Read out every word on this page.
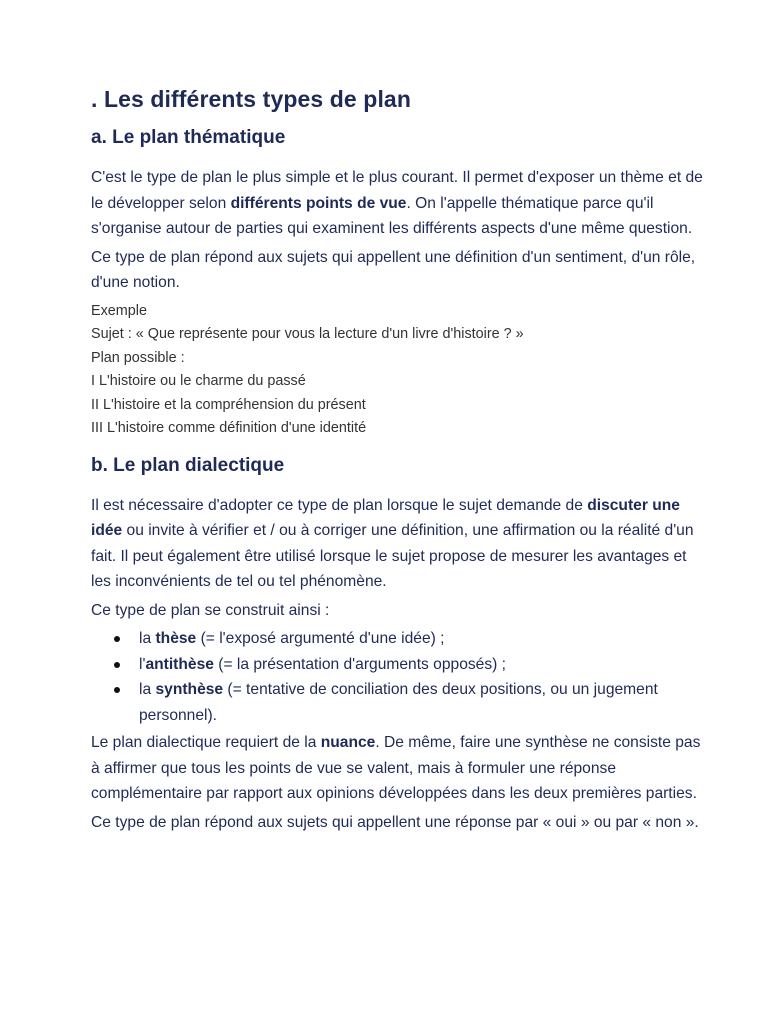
. Les différents types de plan
a. Le plan thématique
C'est le type de plan le plus simple et le plus courant. Il permet d'exposer un thème et de le développer selon différents points de vue. On l'appelle thématique parce qu'il s'organise autour de parties qui examinent les différents aspects d'une même question.
Ce type de plan répond aux sujets qui appellent une définition d'un sentiment, d'un rôle, d'une notion.
Exemple
Sujet : « Que représente pour vous la lecture d'un livre d'histoire ? »
Plan possible :
I L'histoire ou le charme du passé
II L'histoire et la compréhension du présent
III L'histoire comme définition d'une identité
b. Le plan dialectique
Il est nécessaire d'adopter ce type de plan lorsque le sujet demande de discuter une idée ou invite à vérifier et / ou à corriger une définition, une affirmation ou la réalité d'un fait. Il peut également être utilisé lorsque le sujet propose de mesurer les avantages et les inconvénients de tel ou tel phénomène.
Ce type de plan se construit ainsi :
la thèse (= l'exposé argumenté d'une idée) ;
l'antithèse (= la présentation d'arguments opposés) ;
la synthèse (= tentative de conciliation des deux positions, ou un jugement personnel).
Le plan dialectique requiert de la nuance. De même, faire une synthèse ne consiste pas à affirmer que tous les points de vue se valent, mais à formuler une réponse complémentaire par rapport aux opinions développées dans les deux premières parties.
Ce type de plan répond aux sujets qui appellent une réponse par « oui » ou par « non ».
